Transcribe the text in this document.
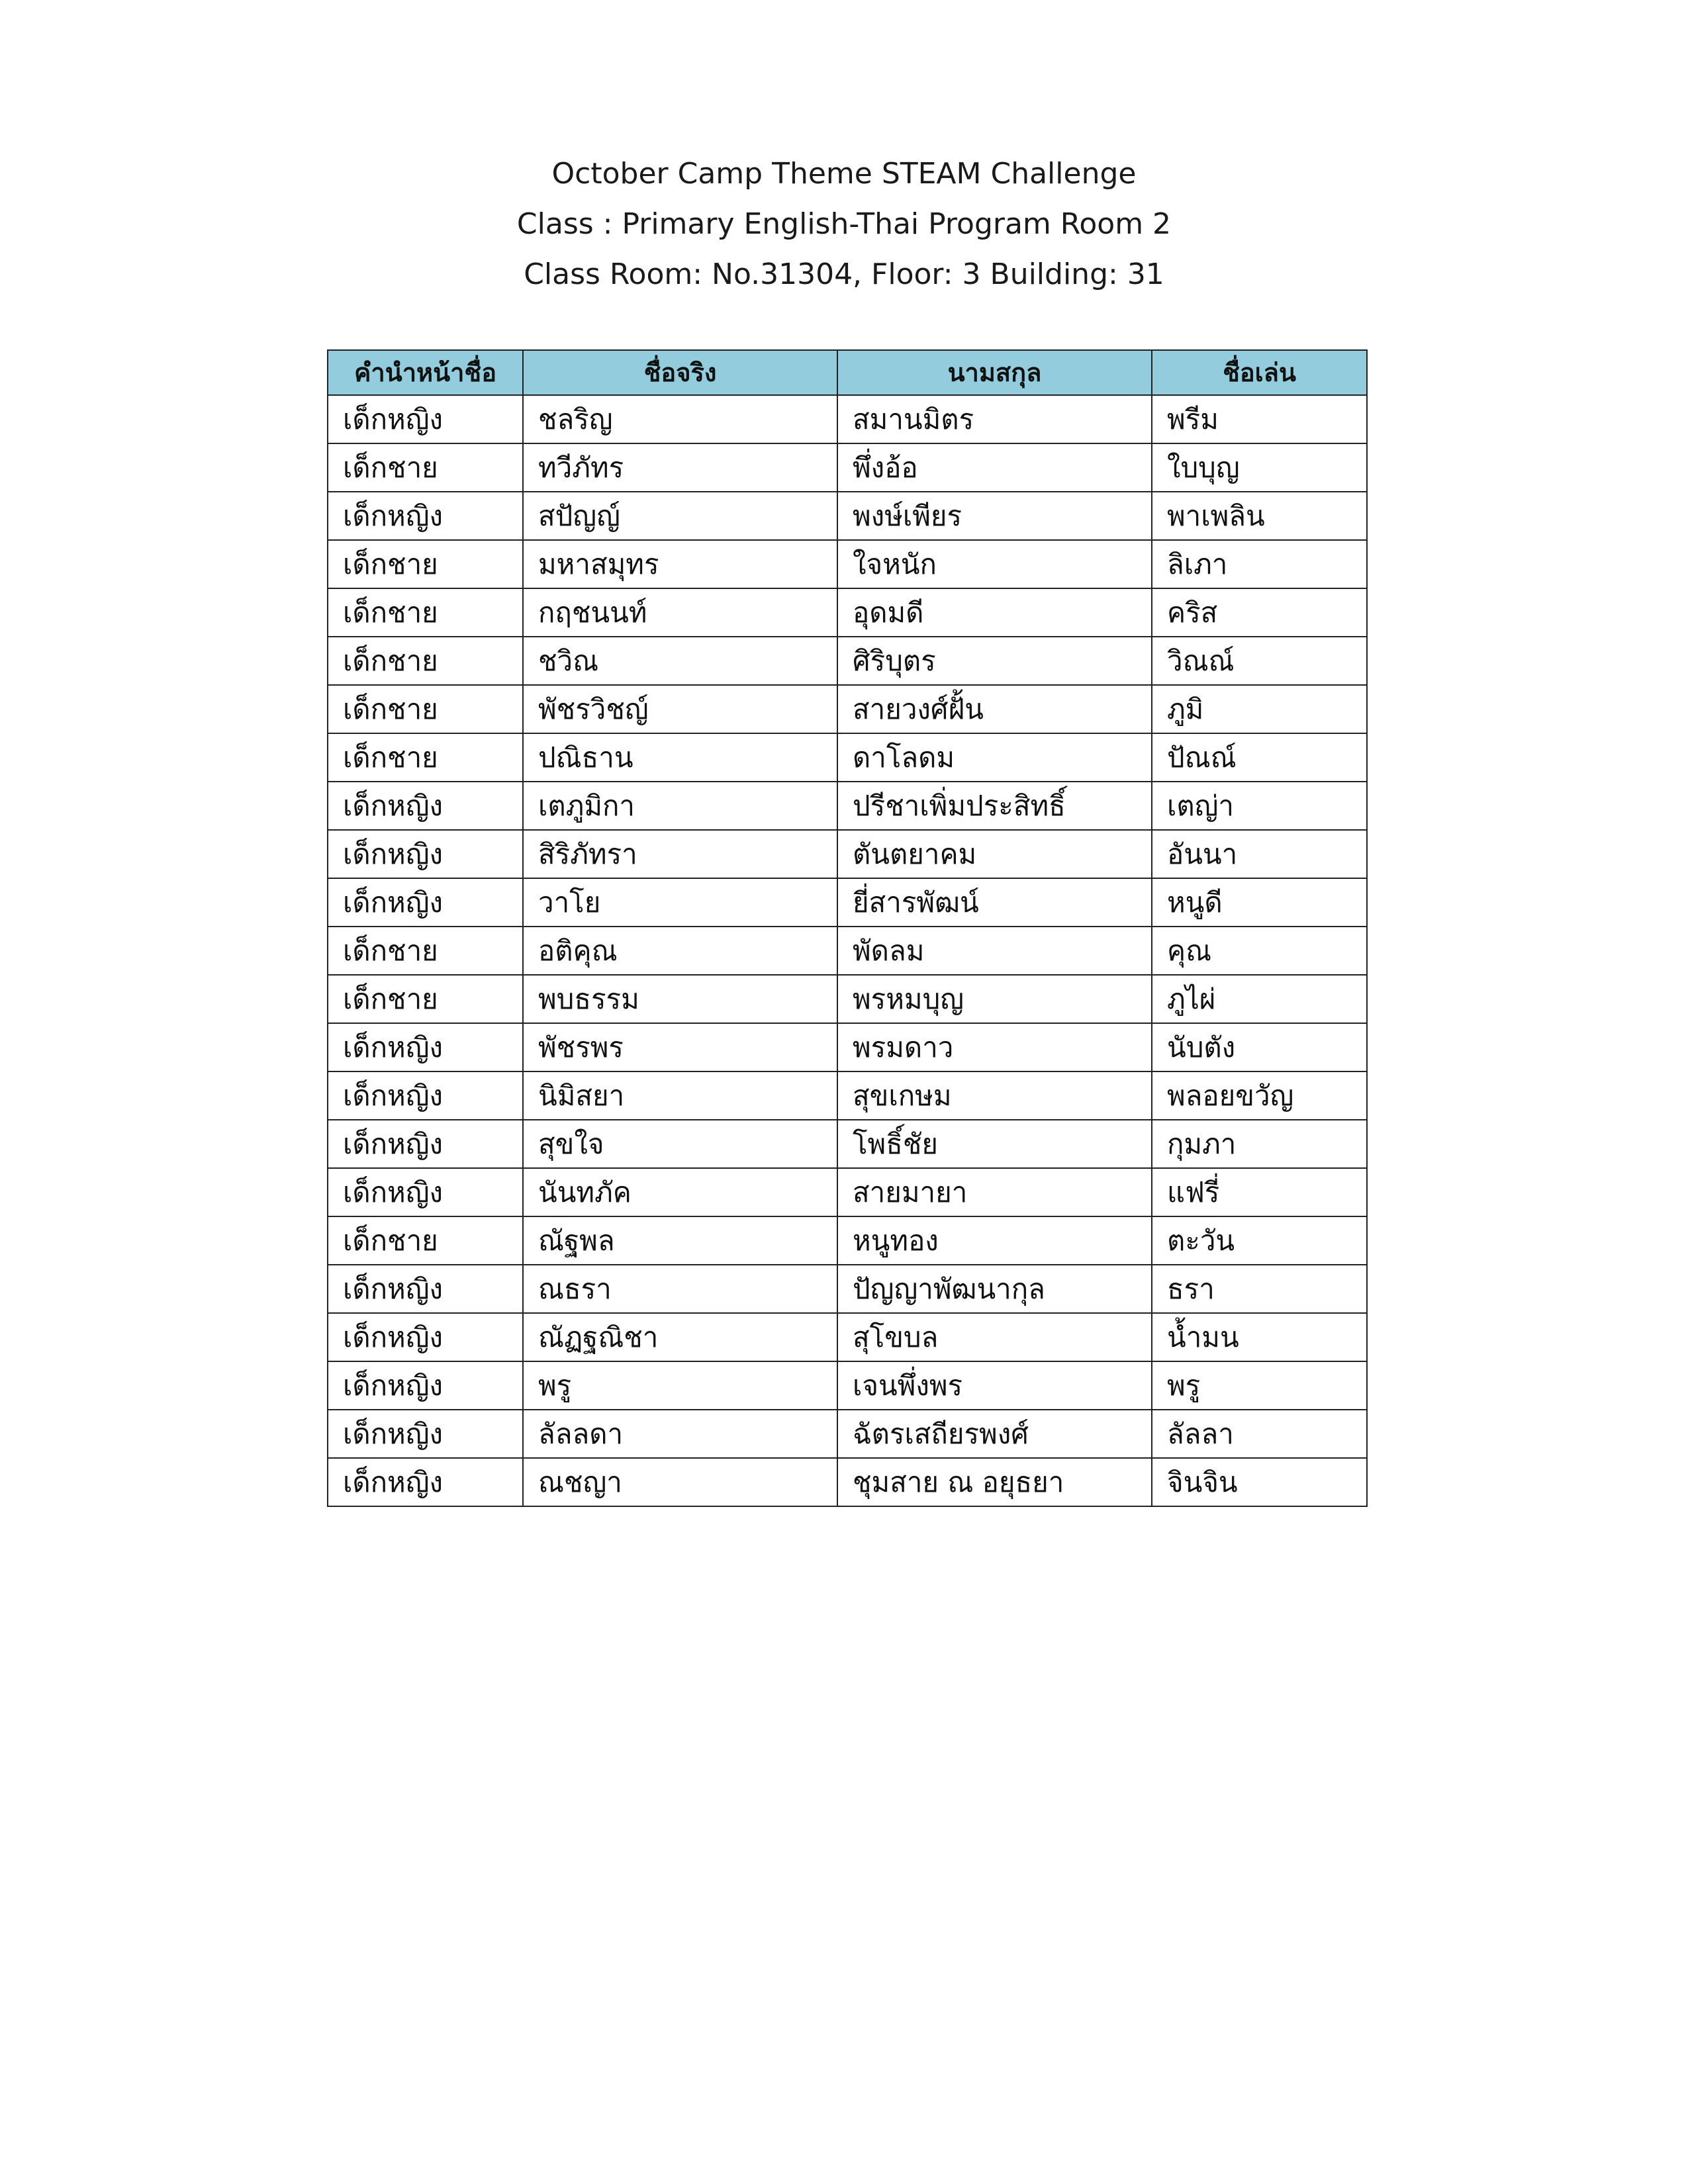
October Camp Theme STEAM Challenge
Class : Primary English-Thai Program Room 2
Class Room: No.31304, Floor: 3 Building: 31
คำนำหน้าชื่อ	ชื่อจริง	นามสกุล	ชื่อเล่น
เด็กหญิง	ชลริญ	สมานมิตร	พรีม
เด็กชาย	ทวีภัทร	พึ่งอ้อ	ใบบุญ
เด็กหญิง	สปัญญ์	พงษ์เพียร	พาเพลิน
เด็กชาย	มหาสมุทร	ใจหนัก	ลิเภา
เด็กชาย	กฤชนนท์	อุดมดี	คริส
เด็กชาย	ชวิณ	ศิริบุตร	วิณณ์
เด็กชาย	พัชรวิชญ์	สายวงศ์ฝั้น	ภูมิ
เด็กชาย	ปณิธาน	ดาโลดม	ปัณณ์
เด็กหญิง	เตภูมิกา	ปรีชาเพิ่มประสิทธิ์	เตญ่า
เด็กหญิง	สิริภัทรา	ตันตยาคม	อันนา
เด็กหญิง	วาโย	ยี่สารพัฒน์	หนูดี
เด็กชาย	อติคุณ	พัดลม	คุณ
เด็กชาย	พบธรรม	พรหมบุญ	ภูไผ่
เด็กหญิง	พัชรพร	พรมดาว	นับตัง
เด็กหญิง	นิมิสยา	สุขเกษม	พลอยขวัญ
เด็กหญิง	สุขใจ	โพธิ์ชัย	กุมภา
เด็กหญิง	นันทภัค	สายมายา	แฟรี่
เด็กชาย	ณัฐพล	หนูทอง	ตะวัน
เด็กหญิง	ณธรา	ปัญญาพัฒนากุล	ธรา
เด็กหญิง	ณัฏฐณิชา	สุโขบล	น้ำมน
เด็กหญิง	พรู	เจนพึ่งพร	พรู
เด็กหญิง	ลัลลดา	ฉัตรเสถียรพงศ์	ลัลลา
เด็กหญิง	ณชญา	ชุมสาย ณ อยุธยา	จินจิน
